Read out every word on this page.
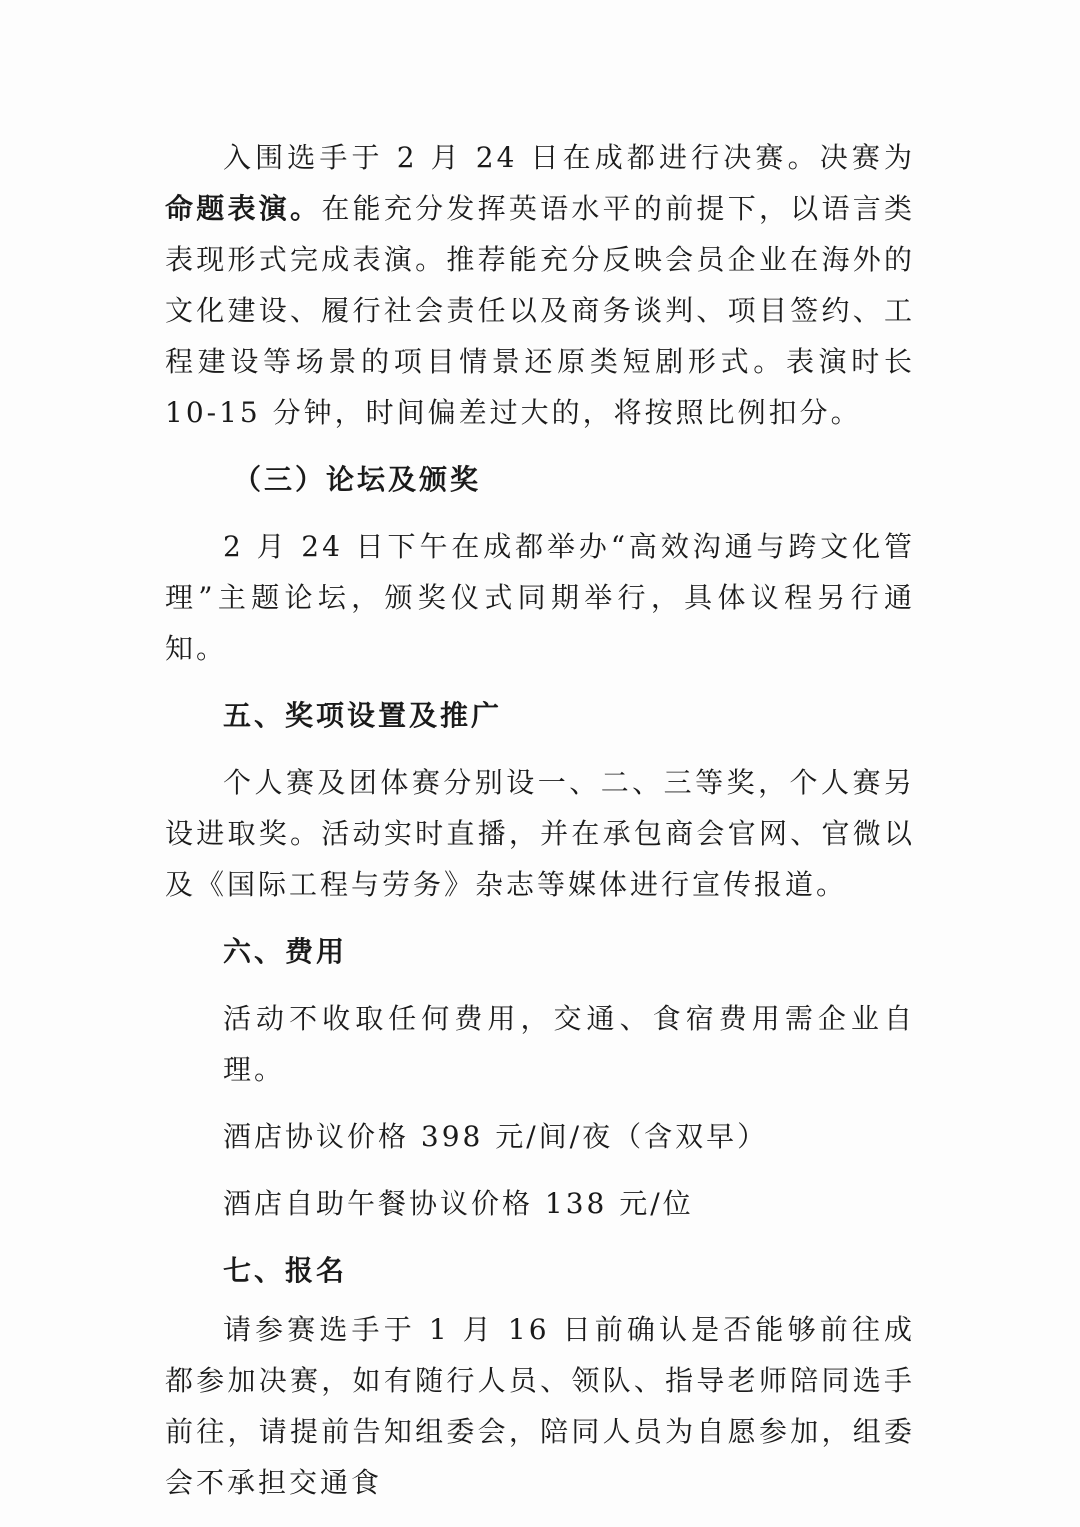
入围选手于 2 月 24 日在成都进行决赛。决赛为命题表演。在能充分发挥英语水平的前提下，以语言类表现形式完成表演。推荐能充分反映会员企业在海外的文化建设、履行社会责任以及商务谈判、项目签约、工程建设等场景的项目情景还原类短剧形式。表演时长 10-15 分钟，时间偏差过大的，将按照比例扣分。

（三）论坛及颁奖

2 月 24 日下午在成都举办“高效沟通与跨文化管理”主题论坛，颁奖仪式同期举行，具体议程另行通知。

五、奖项设置及推广

个人赛及团体赛分别设一、二、三等奖，个人赛另设进取奖。活动实时直播，并在承包商会官网、官微以及《国际工程与劳务》杂志等媒体进行宣传报道。

六、费用

活动不收取任何费用，交通、食宿费用需企业自理。

酒店协议价格 398 元/间/夜（含双早）

酒店自助午餐协议价格 138 元/位

七、报名

请参赛选手于 1 月 16 日前确认是否能够前往成都参加决赛，如有随行人员、领队、指导老师陪同选手前往，请提前告知组委会，陪同人员为自愿参加，组委会不承担交通食
